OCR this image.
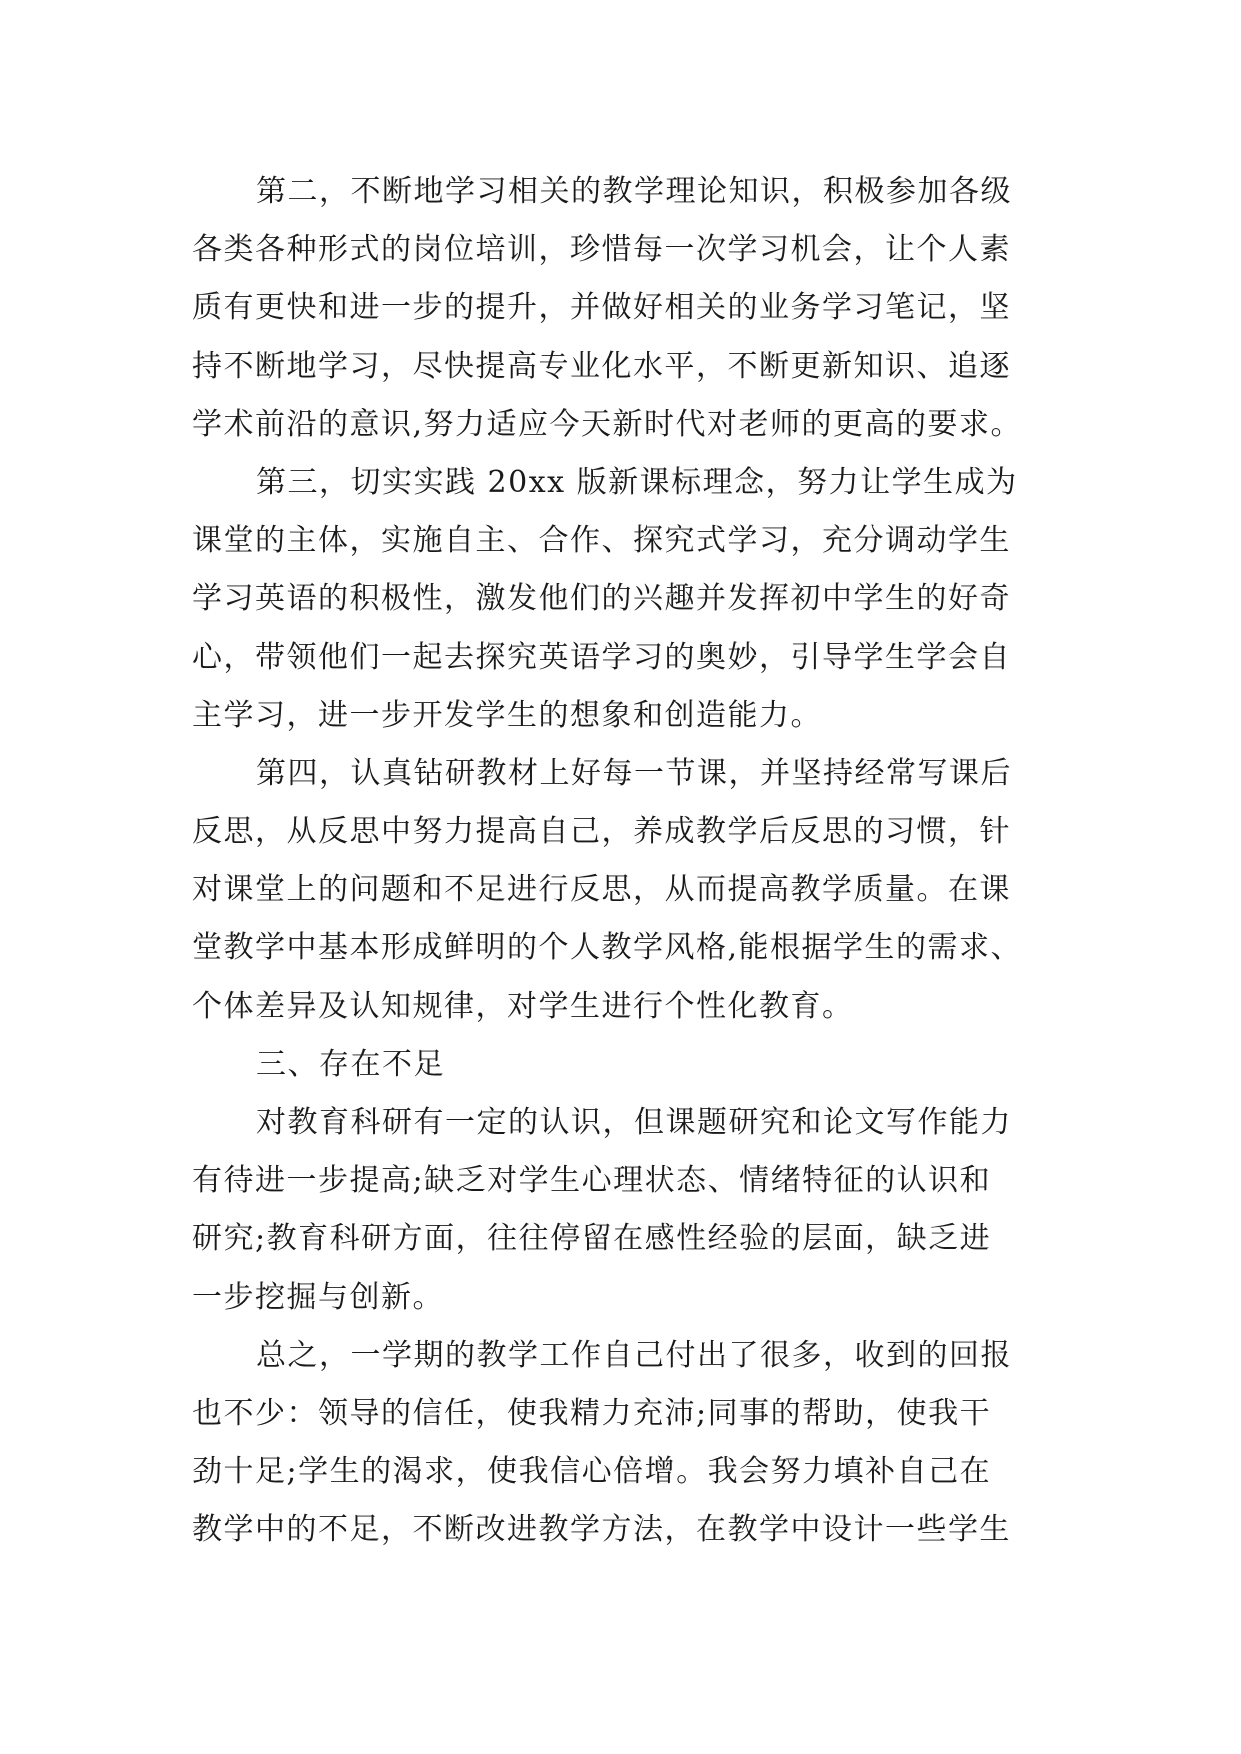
第二，不断地学习相关的教学理论知识，积极参加各级
各类各种形式的岗位培训，珍惜每一次学习机会，让个人素
质有更快和进一步的提升，并做好相关的业务学习笔记，坚
持不断地学习，尽快提高专业化水平，不断更新知识、追逐
学术前沿的意识,努力适应今天新时代对老师的更高的要求。
第三，切实实践 20xx 版新课标理念，努力让学生成为
课堂的主体，实施自主、合作、探究式学习，充分调动学生
学习英语的积极性，激发他们的兴趣并发挥初中学生的好奇
心，带领他们一起去探究英语学习的奥妙，引导学生学会自
主学习，进一步开发学生的想象和创造能力。
第四，认真钻研教材上好每一节课，并坚持经常写课后
反思，从反思中努力提高自己，养成教学后反思的习惯，针
对课堂上的问题和不足进行反思，从而提高教学质量。在课
堂教学中基本形成鲜明的个人教学风格,能根据学生的需求、
个体差异及认知规律，对学生进行个性化教育。
三、存在不足
对教育科研有一定的认识，但课题研究和论文写作能力
有待进一步提高;缺乏对学生心理状态、情绪特征的认识和
研究;教育科研方面，往往停留在感性经验的层面，缺乏进
一步挖掘与创新。
总之，一学期的教学工作自己付出了很多，收到的回报
也不少：领导的信任，使我精力充沛;同事的帮助，使我干
劲十足;学生的渴求，使我信心倍增。我会努力填补自己在
教学中的不足，不断改进教学方法，在教学中设计一些学生
